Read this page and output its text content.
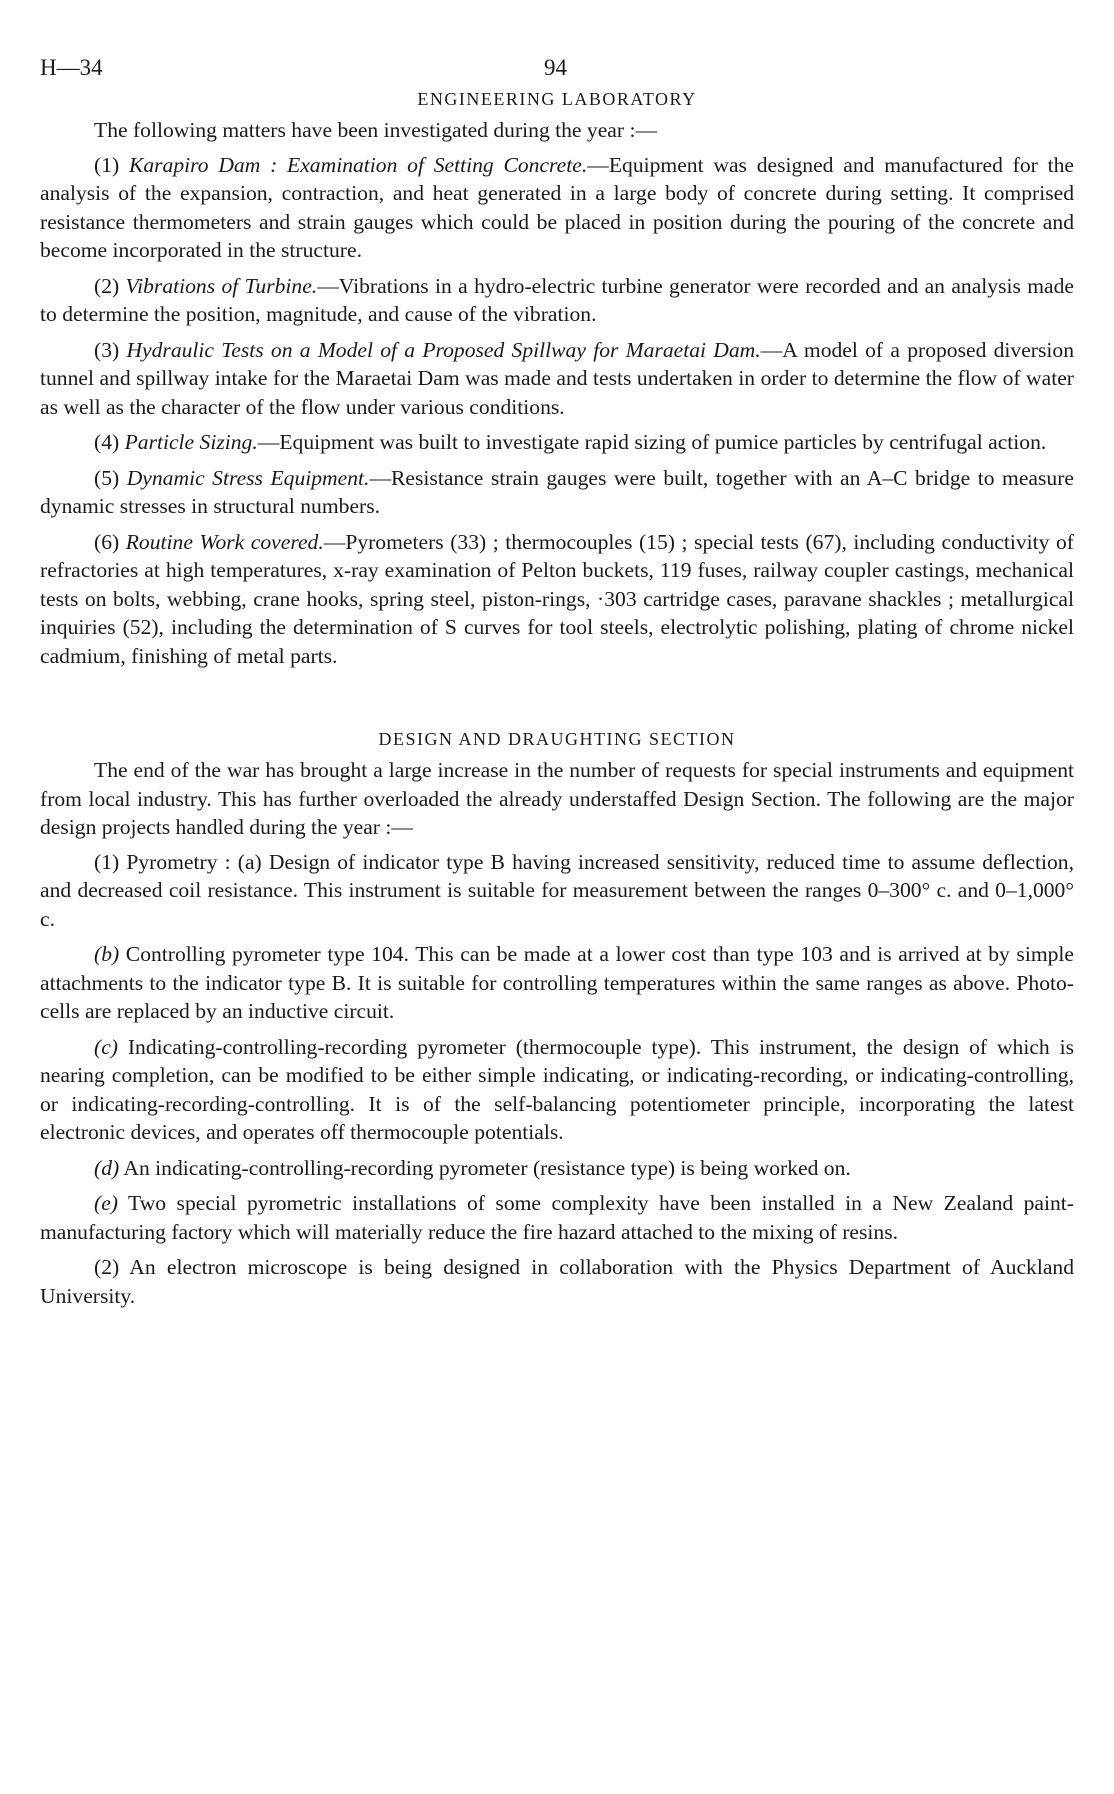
H—34	94
ENGINEERING LABORATORY

The following matters have been investigated during the year :—

(1) Karapiro Dam : Examination of Setting Concrete.—Equipment was designed and manufactured for the analysis of the expansion, contraction, and heat generated in a large body of concrete during setting. It comprised resistance thermometers and strain gauges which could be placed in position during the pouring of the concrete and become incorporated in the structure.

(2) Vibrations of Turbine.—Vibrations in a hydro-electric turbine generator were recorded and an analysis made to determine the position, magnitude, and cause of the vibration.

(3) Hydraulic Tests on a Model of a Proposed Spillway for Maraetai Dam.—A model of a proposed diversion tunnel and spillway intake for the Maraetai Dam was made and tests undertaken in order to determine the flow of water as well as the character of the flow under various conditions.

(4) Particle Sizing.—Equipment was built to investigate rapid sizing of pumice particles by centrifugal action.

(5) Dynamic Stress Equipment.—Resistance strain gauges were built, together with an A–C bridge to measure dynamic stresses in structural numbers.

(6) Routine Work covered.—Pyrometers (33) ; thermocouples (15) ; special tests (67), including conductivity of refractories at high temperatures, x-ray examination of Pelton buckets, 119 fuses, railway coupler castings, mechanical tests on bolts, webbing, crane hooks, spring steel, piston-rings, ·303 cartridge cases, paravane shackles ; metallurgical inquiries (52), including the determination of S curves for tool steels, electrolytic polishing, plating of chrome nickel cadmium, finishing of metal parts.

DESIGN AND DRAUGHTING SECTION

The end of the war has brought a large increase in the number of requests for special instruments and equipment from local industry. This has further overloaded the already understaffed Design Section. The following are the major design projects handled during the year :—

(1) Pyrometry : (a) Design of indicator type B having increased sensitivity, reduced time to assume deflection, and decreased coil resistance. This instrument is suitable for measurement between the ranges 0–300° c. and 0–1,000° c.

(b) Controlling pyrometer type 104. This can be made at a lower cost than type 103 and is arrived at by simple attachments to the indicator type B. It is suitable for controlling temperatures within the same ranges as above. Photo-cells are replaced by an inductive circuit.

(c) Indicating-controlling-recording pyrometer (thermocouple type). This instrument, the design of which is nearing completion, can be modified to be either simple indicating, or indicating-recording, or indicating-controlling, or indicating-recording-controlling. It is of the self-balancing potentiometer principle, incorporating the latest electronic devices, and operates off thermocouple potentials.

(d) An indicating-controlling-recording pyrometer (resistance type) is being worked on.

(e) Two special pyrometric installations of some complexity have been installed in a New Zealand paint-manufacturing factory which will materially reduce the fire hazard attached to the mixing of resins.

(2) An electron microscope is being designed in collaboration with the Physics Department of Auckland University.
